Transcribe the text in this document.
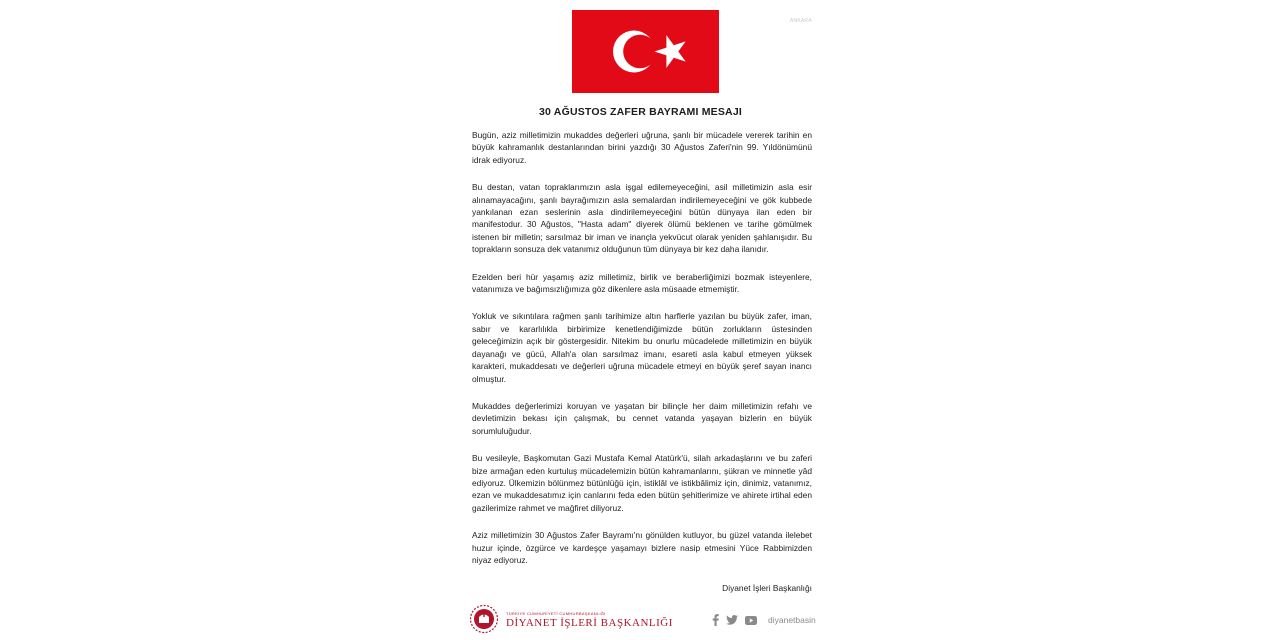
ANKARA
30 AĞUSTOS ZAFER BAYRAMI MESAJI

Bugün, aziz milletimizin mukaddes değerleri uğruna, şanlı bir mücadele vererek tarihin en büyük kahramanlık destanlarından birini yazdığı 30 Ağustos Zaferi'nin 99. Yıldönümünü idrak ediyoruz.

Bu destan, vatan topraklarımızın asla işgal edilemeyeceğini, asil milletimizin asla esir alınamayacağını, şanlı bayrağımızın asla semalardan indirilemeyeceğini ve gök kubbede yankılanan ezan seslerinin asla dindirilemeyeceğini bütün dünyaya ilan eden bir manifestodur. 30 Ağustos, "Hasta adam" diyerek ölümü beklenen ve tarihe gömülmek istenen bir milletin; sarsılmaz bir iman ve inançla yekvücut olarak yeniden şahlanışıdır. Bu toprakların sonsuza dek vatanımız olduğunun tüm dünyaya bir kez daha ilanıdır.

Ezelden beri hür yaşamış aziz milletimiz, birlik ve beraberliğimizi bozmak isteyenlere, vatanımıza ve bağımsızlığımıza göz dikenlere asla müsaade etmemiştir.

Yokluk ve sıkıntılara rağmen şanlı tarihimize altın harflerle yazılan bu büyük zafer, iman, sabır ve kararlılıkla birbirimize kenetlendiğimizde bütün zorlukların üstesinden geleceğimizin açık bir göstergesidir. Nitekim bu onurlu mücadelede milletimizin en büyük dayanağı ve gücü, Allah'a olan sarsılmaz imanı, esareti asla kabul etmeyen yüksek karakteri, mukaddesatı ve değerleri uğruna mücadele etmeyi en büyük şeref sayan inancı olmuştur.

Mukaddes değerlerimizi koruyan ve yaşatan bir bilinçle her daim milletimizin refahı ve devletimizin bekası için çalışmak, bu cennet vatanda yaşayan bizlerin en büyük sorumluluğudur.

Bu vesileyle, Başkomutan Gazi Mustafa Kemal Atatürk'ü, silah arkadaşlarını ve bu zaferi bize armağan eden kurtuluş mücadelemizin bütün kahramanlarını, şükran ve minnetle yâd ediyoruz. Ülkemizin bölünmez bütünlüğü için, istiklâl ve istikbâlimiz için, dinimiz, vatanımız, ezan ve mukaddesatımız için canlarını feda eden bütün şehitlerimize ve ahirete irtihal eden gazilerimize rahmet ve mağfiret diliyoruz.

Aziz milletimizin 30 Ağustos Zafer Bayramı'nı gönülden kutluyor, bu güzel vatanda ilelebet huzur içinde, özgürce ve kardeşçe yaşamayı bizlere nasip etmesini Yüce Rabbimizden niyaz ediyoruz.

Diyanet İşleri Başkanlığı
TÜRKİYE CUMHURİYETİ CUMHURBAŞKANLIĞI
DİYANET İŞLERİ BAŞKANLIĞI	diyanetbasin
